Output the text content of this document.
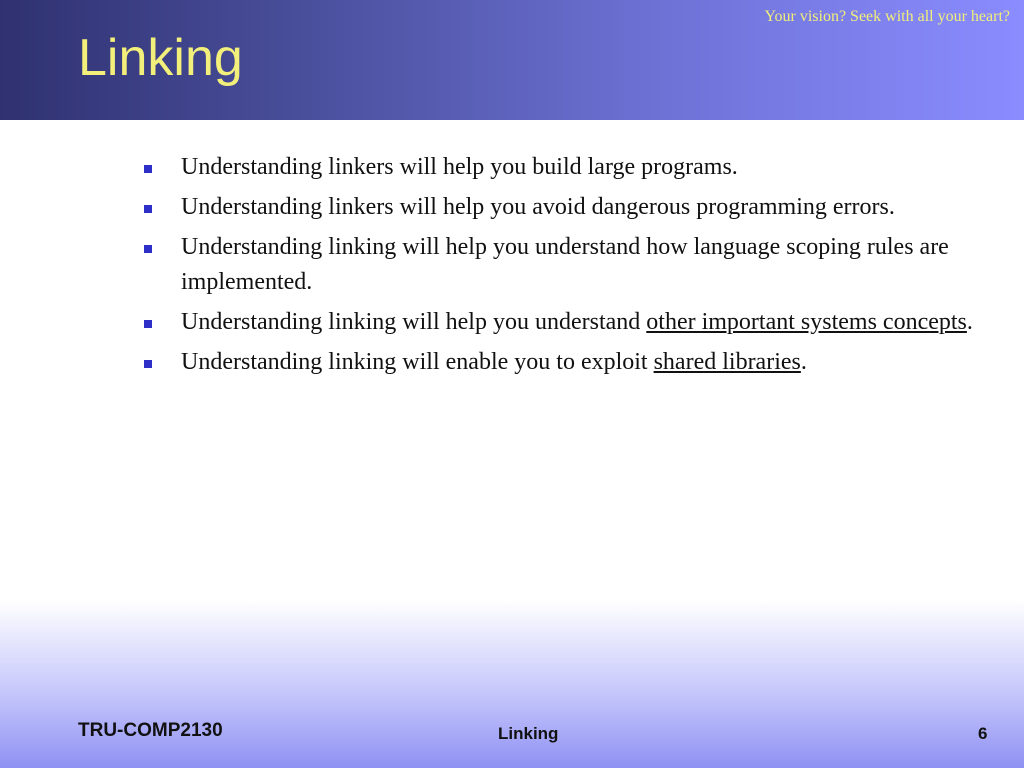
Your vision? Seek with all your heart?
Linking
Understanding linkers will help you build large programs.
Understanding linkers will help you avoid dangerous programming errors.
Understanding linking will help you understand how language scoping rules are implemented.
Understanding linking will help you understand other important systems concepts.
Understanding linking will enable you to exploit shared libraries.
TRU-COMP2130	Linking	6
